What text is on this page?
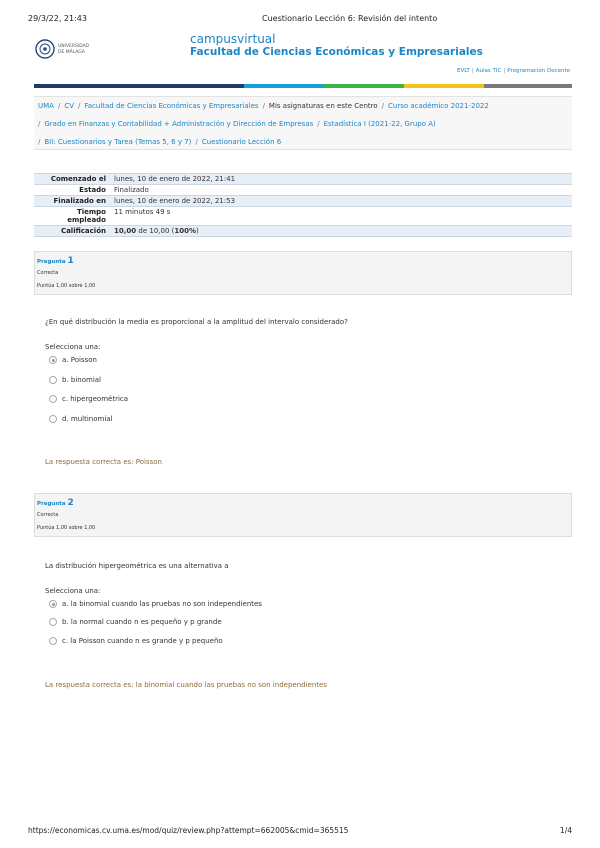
29/3/22, 21:43	Cuestionario Lección 6: Revisión del intento
UNIVERSIDAD
DE MÁLAGA
campusvirtual
Facultad de Ciencias Económicas y Empresariales
EVLT | Aulas TIC | Programación Docente
UMA / CV / Facultad de Ciencias Económicas y Empresariales / Mis asignaturas en este Centro / Curso académico 2021-2022
/ Grado en Finanzas y Contabilidad + Administración y Dirección de Empresas / Estadística I (2021-22, Grupo A)
/ BII: Cuestionarios y Tarea (Temas 5, 6 y 7) / Cuestionario Lección 6
Comenzado el	lunes, 10 de enero de 2022, 21:41
Estado	Finalizado
Finalizado en	lunes, 10 de enero de 2022, 21:53
Tiempo empleado	11 minutos 49 s
Calificación	10,00 de 10,00 (100%)
Pregunta 1
Correcta
Puntúa 1,00 sobre 1,00
¿En qué distribución la media es proporcional a la amplitud del intervalo considerado?
Selecciona una:
a. Poisson
b. binomial
c. hipergeométrica
d. multinomial
La respuesta correcta es: Poisson
Pregunta 2
Correcta
Puntúa 1,00 sobre 1,00
La distribución hipergeométrica es una alternativa a
Selecciona una:
a. la binomial cuando las pruebas no son independientes
b. la normal cuando n es pequeño y p grande
c. la Poisson cuando n es grande y p pequeño
La respuesta correcta es: la binomial cuando las pruebas no son independientes
https://economicas.cv.uma.es/mod/quiz/review.php?attempt=662005&cmid=365515	1/4
